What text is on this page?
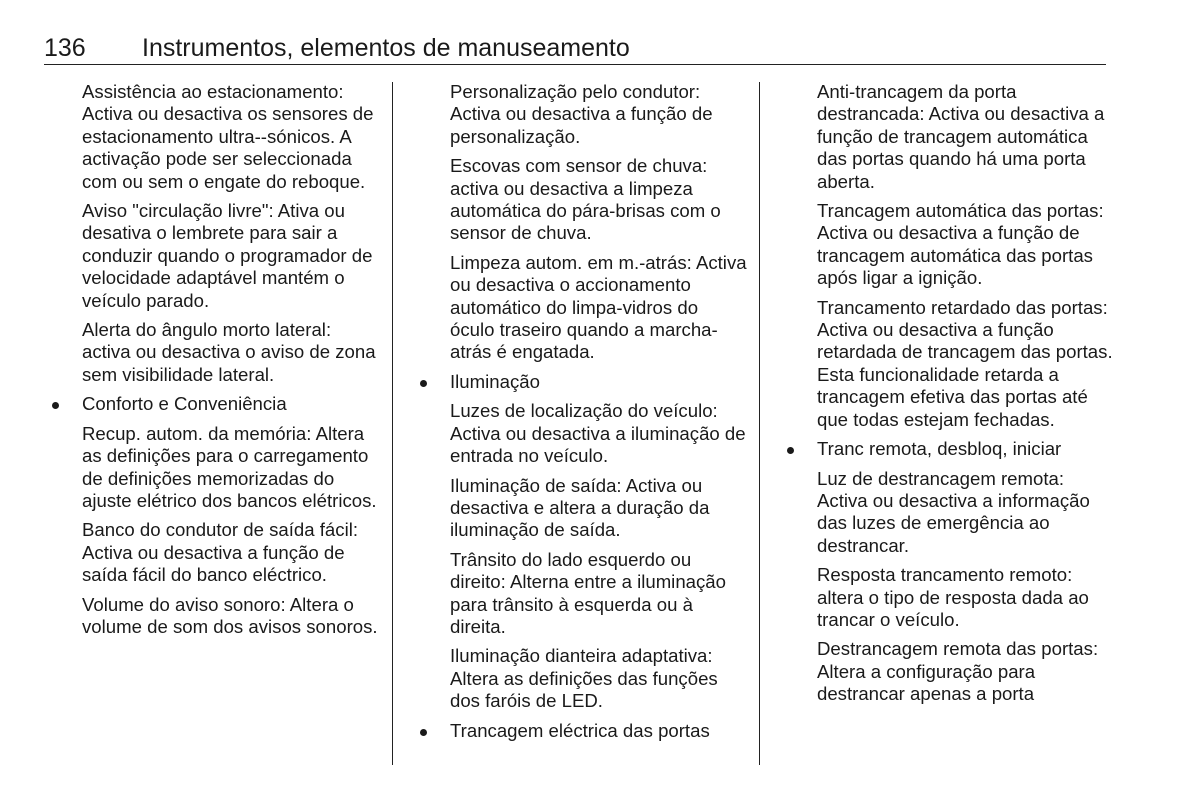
136 Instrumentos, elementos de manuseamento
Assistência ao estacionamento: Activa ou desactiva os sensores de estacionamento ultra--sónicos. A activação pode ser seleccionada com ou sem o engate do reboque.
Aviso "circulação livre": Ativa ou desativa o lembrete para sair a conduzir quando o programador de velocidade adaptável mantém o veículo parado.
Alerta do ângulo morto lateral: activa ou desactiva o aviso de zona sem visibilidade lateral.
Conforto e Conveniência
Recup. autom. da memória: Altera as definições para o carregamento de definições memorizadas do ajuste elétrico dos bancos elétricos.
Banco do condutor de saída fácil: Activa ou desactiva a função de saída fácil do banco eléctrico.
Volume do aviso sonoro: Altera o volume de som dos avisos sonoros.
Personalização pelo condutor: Activa ou desactiva a função de personalização.
Escovas com sensor de chuva: activa ou desactiva a limpeza automática do pára-brisas com o sensor de chuva.
Limpeza autom. em m.-atrás: Activa ou desactiva o accionamento automático do limpa-vidros do óculo traseiro quando a marcha-atrás é engatada.
Iluminação
Luzes de localização do veículo: Activa ou desactiva a iluminação de entrada no veículo.
Iluminação de saída: Activa ou desactiva e altera a duração da iluminação de saída.
Trânsito do lado esquerdo ou direito: Alterna entre a iluminação para trânsito à esquerda ou à direita.
Iluminação dianteira adaptativa: Altera as definições das funções dos faróis de LED.
Trancagem eléctrica das portas
Anti-trancagem da porta destrancada: Activa ou desactiva a função de trancagem automática das portas quando há uma porta aberta.
Trancagem automática das portas: Activa ou desactiva a função de trancagem automática das portas após ligar a ignição.
Trancamento retardado das portas: Activa ou desactiva a função retardada de trancagem das portas. Esta funcionalidade retarda a trancagem efetiva das portas até que todas estejam fechadas.
Tranc remota, desbloq, iniciar
Luz de destrancagem remota: Activa ou desactiva a informação das luzes de emergência ao destrancar.
Resposta trancamento remoto: altera o tipo de resposta dada ao trancar o veículo.
Destrancagem remota das portas: Altera a configuração para destrancar apenas a porta
